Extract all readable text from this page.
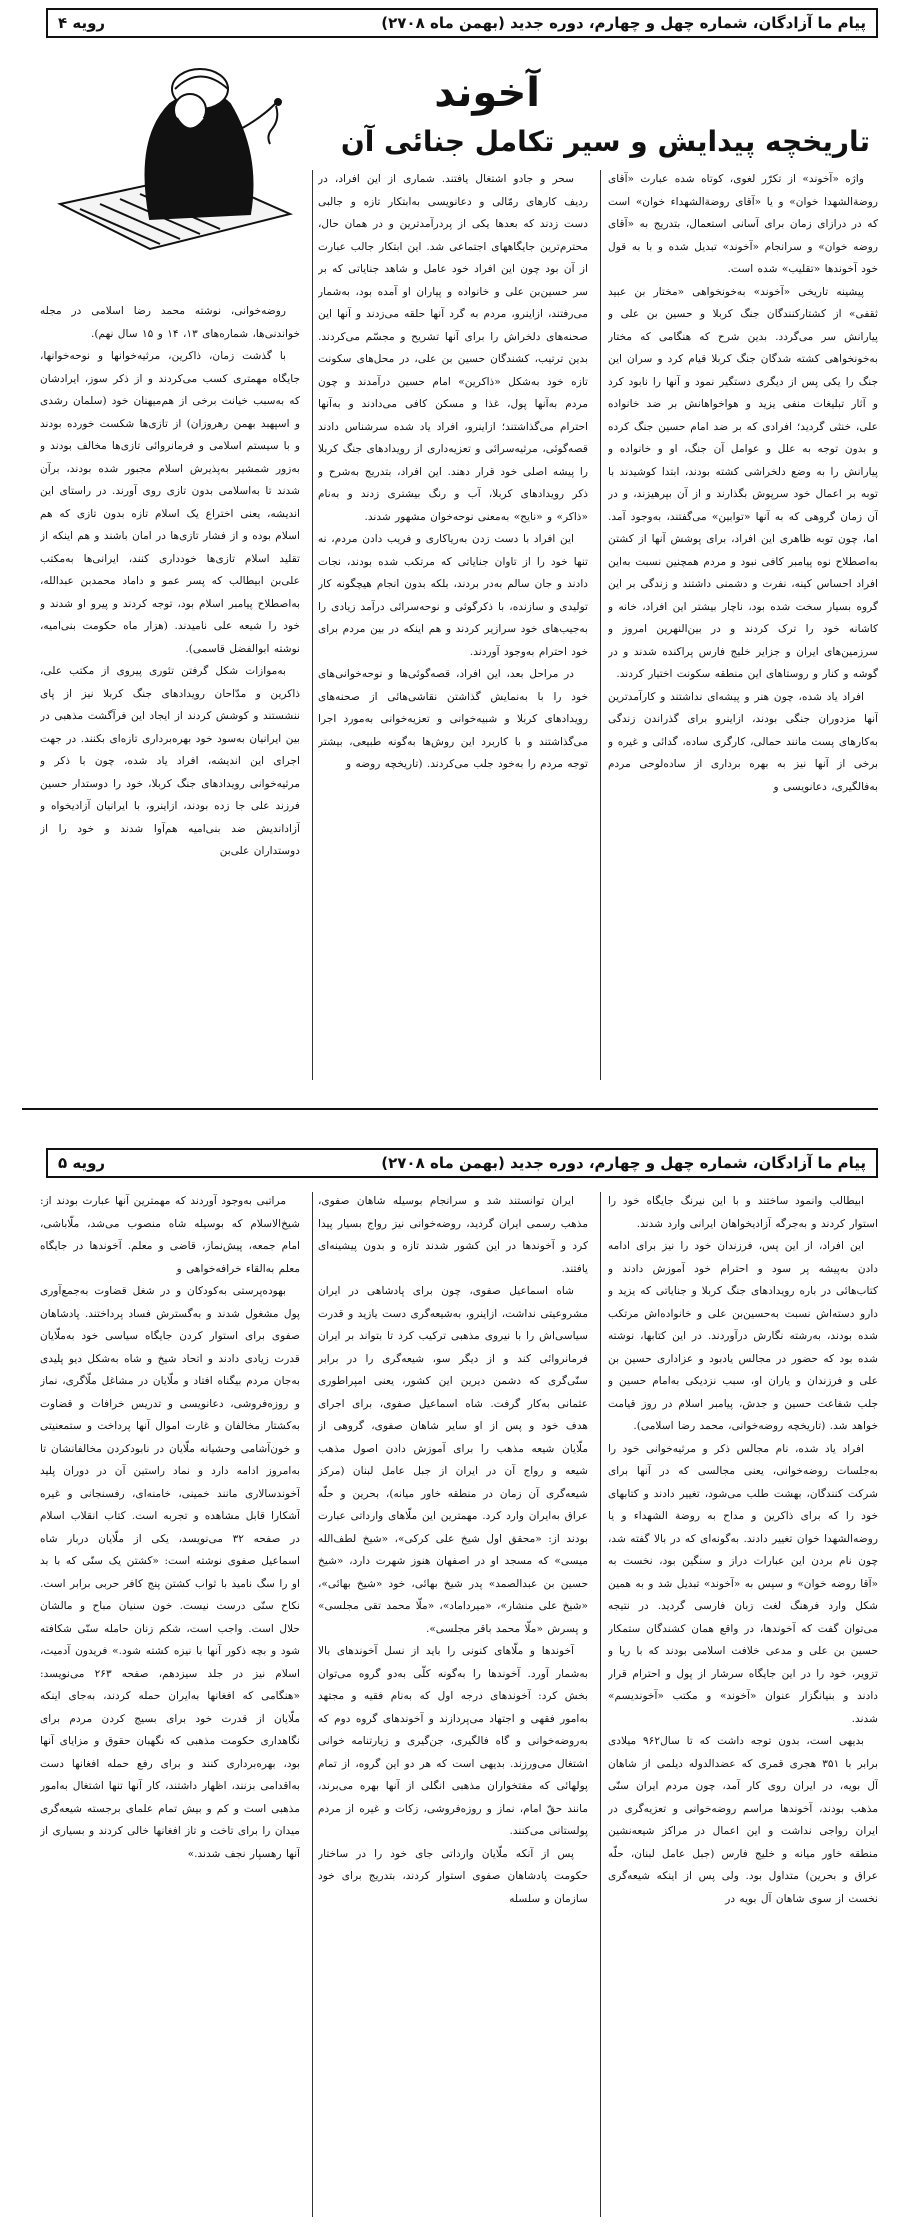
پیام ما آزادگان، شماره چهل و چهارم، دوره جدید (بهمن ماه ۲۷۰۸)
رویه ۴
آخوند
تاریخچه پیدایش و سیر تکامل جنائی آن

واژه «آخوند» از تکرّر لغوی، کوتاه شده عبارت «آقای روضةالشهدا خوان» و یا «آقای روضةالشهداء خوان» است که در درازای زمان برای آسانی استعمال، بتدریج به «آقای روضه خوان» و سرانجام «آخوند» تبدیل شده و با به قول خود آخوندها «تقلیب» شده است.

پیشینه تاریخی «آخوند» به‌خونخواهی «مختار بن عبید ثقفی» از کشتارکنندگان جنگ کربلا و حسین بن علی و پیارانش سر می‌گردد. بدین شرح که هنگامی که مختار به‌خونخواهی کشته شدگان جنگ کربلا قیام کرد و سران این جنگ را یکی پس از دیگری دستگیر نمود و آنها را نابود کرد و آثار تبلیغات منفی یزید و هواخواهانش بر ضد خانواده علی، خنثی گردید؛ افرادی که بر ضد امام حسین جنگ کرده و بدون توجه به علل و عوامل آن جنگ، او و خانواده و پیارانش را به وضع دلخراشی کشته بودند، ابتدا کوشیدند با توبه بر اعمال خود سرپوش بگذارند و از آن بپرهیزند، و در آن زمان گروهی که به آنها «توابین» می‌گفتند، به‌وجود آمد. اما، چون توبه ظاهری این افراد، برای پوشش آنها از کشتن به‌اصطلاح نوه پیامبر کافی نبود و مردم همچنین نسبت به‌این افراد احساس کینه، نفرت و دشمنی داشتند و زندگی بر این گروه بسیار سخت شده بود، ناچار بیشتر این افراد، خانه و کاشانه خود را ترک کردند و در بین‌النهرین امروز و سرزمین‌های ایران و جزایر خلیج فارس پراکنده شدند و در گوشه و کنار و روستاهای این منطقه سکونت اختیار کردند.

افراد یاد شده، چون هنر و پیشه‌ای نداشتند و کارآمدترین آنها مزدوران جنگی بودند، ازاینرو برای گذراندن زندگی به‌کارهای پست مانند حمالی، کارگری ساده، گدائی و غیره و برخی از آنها نیز به بهره برداری از ساده‌لوحی مردم به‌فالگیری، دعانویسی و

سحر و جادو اشتغال یافتند. شماری از این افراد، در ردیف کارهای رمّالی و دعانویسی به‌ابتکار تازه و جالبی دست زدند که بعدها یکی از پردرآمدترین و در همان حال، محترم‌ترین جایگاههای اجتماعی شد. این ابتکار جالب عبارت از آن بود چون این افراد خود عامل و شاهد جنایاتی که بر سر حسین‌بن علی و خانواده و پیاران او آمده بود، به‌شمار می‌رفتند، ازاینرو، مردم به گرد آنها حلقه می‌زدند و آنها این صحنه‌های دلخراش را برای آنها تشریح و مجسّم می‌کردند. بدین ترتیب، کشندگان حسین بن علی، در محل‌های سکونت تازه خود به‌شکل «ذاکرین» امام حسین درآمدند و چون مردم به‌آنها پول، غذا و مسکن کافی می‌دادند و به‌آنها احترام می‌گذاشتند؛ ازاینرو، افراد یاد شده سرشناس دادند قصه‌گوئی، مرثیه‌سرائی و تعزیه‌داری از رویدادهای جنگ کربلا را پیشه اصلی خود قرار دهند. این افراد، بتدریج به‌شرح و ذکر رویدادهای کربلا، آب و رنگ بیشتری زدند و به‌نام «ذاکر» و «نایح» به‌معنی نوحه‌خوان مشهور شدند.

این افراد با دست زدن به‌ریاکاری و فریب دادن مردم، نه تنها خود را از تاوان جنایاتی که مرتکب شده بودند، نجات دادند و جان سالم به‌در بردند، بلکه بدون انجام هیچگونه کار تولیدی و سازنده، با ذکرگوئی و نوحه‌سرائی درآمد زیادی را به‌جیب‌های خود سرازیر کردند و هم اینکه در بین مردم برای خود احترام به‌وجود آوردند.

در مراحل بعد، این افراد، قصه‌گوئی‌ها و نوحه‌خوانی‌های خود را با به‌نمایش گذاشتن نقاشی‌هائی از صحنه‌های رویدادهای کربلا و شبیه‌خوانی و تعزیه‌خوانی به‌مورد اجرا می‌گذاشتند و با کاربرد این روش‌ها به‌گونه طبیعی، بیشتر توجه مردم را به‌خود جلب می‌کردند. (تاریخچه روضه و

روضه‌خوانی، نوشته محمد رضا اسلامی در مجله خواندنی‌ها، شماره‌های ۱۳، ۱۴ و ۱۵ سال نهم).

با گذشت زمان، ذاکرین، مرثیه‌خوانها و نوحه‌خوانها، جایگاه مهمتری کسب می‌کردند و از ذکر سوز، ایرادشان که به‌سبب خیانت برخی از هم‌میهنان خود (سلمان رشدی و اسپهبد بهمن رهروزان) از تازی‌ها شکست خورده بودند و با سیستم اسلامی و فرمانروائی تازی‌ها مخالف بودند و به‌زور شمشیر به‌پذیرش اسلام مجبور شده بودند، برآن شدند تا به‌اسلامی بدون تازی روی آورند. در راستای این اندیشه، یعنی اختراع یک اسلام تازه بدون تازی که هم اسلام بوده و از فشار تازی‌ها در امان باشند و هم اینکه از تقلید اسلام تازی‌ها خودداری کنند، ایرانی‌ها به‌مکتب علی‌بن ابیطالب که پسر عمو و داماد محمدبن عبدالله، به‌اصطلاح پیامبر اسلام بود، توجه کردند و پیرو او شدند و خود را شیعه علی نامیدند. (هزار ماه حکومت بنی‌امیه، نوشته ابوالفضل قاسمی).

به‌موازات شکل گرفتن تئوری پیروی از مکتب علی، ذاکرین و مدّاحان رویدادهای جنگ کربلا نیز از پای ننشستند و کوشش کردند از ایجاد این فرآگشت مذهبی در بین ایرانیان به‌سود خود بهره‌برداری تازه‌ای بکنند. در جهت اجرای این اندیشه، افراد یاد شده، چون با ذکر و مرثیه‌خوانی رویدادهای جنگ کربلا، خود را دوستدار حسین فرزند علی جا زده بودند، ازاینرو، با ایرانیان آزادیخواه و آزاداندیش ضد بنی‌امیه هم‌آوا شدند و خود را از دوستداران علی‌بن

پیام ما آزادگان، شماره چهل و چهارم، دوره جدید (بهمن ماه ۲۷۰۸)
رویه ۵

ابیطالب وانمود ساختند و با این نیرنگ جایگاه خود را استوار کردند و به‌جرگه آزادیخواهان ایرانی وارد شدند.

این افراد، از این پس، فرزندان خود را نیز برای ادامه دادن به‌پیشه پر سود و احترام خود آموزش دادند و کتاب‌هائی در باره رویدادهای جنگ کربلا و جنایاتی که یزید و دارو دسته‌اش نسبت به‌حسین‌بن علی و خانواده‌اش مرتکب شده بودند، به‌رشته نگارش درآوردند. در این کتابها، نوشته شده بود که حضور در مجالس یادبود و عزاداری حسین بن علی و فرزندان و یاران او، سبب نزدیکی به‌امام حسین و جلب شفاعت حسین و جدش، پیامبر اسلام در روز قیامت خواهد شد. (تاریخچه روضه‌خوانی، محمد رضا اسلامی).

افراد یاد شده، نام مجالس ذکر و مرثیه‌خوانی خود را به‌جلسات روضه‌خوانی، یعنی مجالسی که در آنها برای شرکت کنندگان، بهشت طلب می‌شود، تغییر دادند و کتابهای خود را که برای ذاکرین و مداح به روضة الشهداء و یا روضه‌الشهدا خوان تغییر دادند. به‌گونه‌ای که در بالا گفته شد، چون نام بردن این عبارات دراز و سنگین بود، نخست به «آقا روضه خوان» و سپس به «آخوند» تبدیل شد و به همین شکل وارد فرهنگ لغت زبان فارسی گردید. در نتیجه می‌توان گفت که آخوندها، در واقع همان کشندگان ستمکار حسین بن علی و مدعی خلافت اسلامی بودند که با ریا و تزویر، خود را در این جایگاه سرشار از پول و احترام قرار دادند و بنیانگزار عنوان «آخوند» و مکتب «آخوندیسم» شدند.

بدیهی است، بدون توجه داشت که تا سال۹۶۲ میلادی برابر با ۳۵۱ هجری قمری که عضدالدوله دیلمی از شاهان آل بویه، در ایران روی کار آمد، چون مردم ایران سنّی مذهب بودند، آخوندها مراسم روضه‌خوانی و تعزیه‌گری در ایران رواجی نداشت و این اعمال در مراکز شیعه‌نشین منطقه خاور میانه و خلیج فارس (جبل عامل لبنان، حلّه عراق و بحرین) متداول بود. ولی پس از اینکه شیعه‌گری نخست از سوی شاهان آل بویه در

ایران توانستند شد و سرانجام بوسیله شاهان صفوی، مذهب رسمی ایران گردید، روضه‌خوانی نیز رواج بسیار پیدا کرد و آخوندها در این کشور شدند تازه و بدون پیشینه‌ای یافتند.

شاه اسماعیل صفوی، چون برای پادشاهی در ایران مشروعیتی نداشت، ازاینرو، به‌شیعه‌گری دست یازید و قدرت سیاسی‌اش را با نیروی مذهبی ترکیب کرد تا بتواند بر ایران فرمانروائی کند و از دیگر سو، شیعه‌گری را در برابر سنّی‌گری که دشمن دیرین این کشور، یعنی امپراطوری عثمانی به‌کار گرفت. شاه اسماعیل صفوی، برای اجرای هدف خود و پس از او سایر شاهان صفوی، گروهی از ملّایان شیعه مذهب را برای آموزش دادن اصول مذهب شیعه و رواج آن در ایران از جبل عامل لبنان (مرکز شیعه‌گری آن زمان در منطقه خاور میانه)، بحرین و حلّه عراق به‌ایران وارد کرد. مهمترین این ملّاهای وارداتی عبارت بودند از: «محقق اول شیخ علی کرکی»، «شیخ لطف‌الله میسی» که مسجد او در اصفهان هنوز شهرت دارد، «شیخ حسین بن عبدالصمد» پدر شیخ بهائی، خود «شیخ بهائی»، «شیخ علی منشار»، «میرداماد»، «ملّا محمد تقی مجلسی» و پسرش «ملّا محمد باقر مجلسی».

آخوندها و ملّاهای کنونی را باید از نسل آخوندهای بالا به‌شمار آورد. آخوندها را به‌گونه کلّی به‌دو گروه می‌توان بخش کرد: آخوندهای درجه اول که به‌نام فقیه و مجتهد به‌امور فقهی و اجتهاد می‌پردازند و آخوندهای گروه دوم که به‌روضه‌خوانی و گاه فالگیری، جن‌گیری و زیارتنامه خوانی اشتغال می‌ورزند. بدیهی است که هر دو این گروه، از تمام پولهائی که مفتخواران مذهبی انگلی از آنها بهره می‌برند، مانند حقّ امام، نماز و روزه‌فروشی، زکات و غیره از مردم پولستانی می‌کنند.

پس از آنکه ملّایان وارداتی جای خود را در ساختار حکومت پادشاهان صفوی استوار کردند، بتدریج برای خود سازمان و سلسله

مراتبی به‌وجود آوردند که مهمترین آنها عبارت بودند از: شیخ‌الاسلام که بوسیله شاه منصوب می‌شد، ملّاباشی، امام جمعه، پیش‌نماز، قاضی و معلم. آخوندها در جایگاه معلم به‌القاء خرافه‌خواهی و

بهوده‌پرستی به‌کودکان و در شغل قضاوت به‌جمع‌آوری پول مشغول شدند و به‌گسترش فساد پرداختند. پادشاهان صفوی برای استوار کردن جایگاه سیاسی خود به‌ملّایان قدرت زیادی دادند و اتحاد شیخ و شاه به‌شکل دیو پلیدی به‌جان مردم بیگناه افتاد و ملّایان در مشاغل ملّاگری، نماز و روزه‌فروشی، دعانویسی و تدریس خرافات و قضاوت به‌کشتار مخالفان و غارت اموال آنها پرداخت و ستمعنیتی و خون‌آشامی وحشیانه ملّایان در نابودکردن مخالفانشان تا به‌امروز ادامه دارد و نماد راستین آن در دوران پلید آخوندسالاری مانند خمینی، خامنه‌ای، رفسنجانی و غیره آشکارا قابل مشاهده و تجربه است. کتاب انقلاب اسلام در صفحه ۳۲ می‌نویسد، یکی از ملّایان دربار شاه اسماعیل صفوی نوشته است: «کشتن یک سنّی که با بد او را سگ نامید با ثواب کشتن پنج کافر حربی برابر است. نکاح سنّی درست نیست. خون سنیان مباح و مالشان حلال است. واجب است، شکم زنان حامله سنّی شکافته شود و بچه ذکور آنها با نیزه کشته شود.» فریدون آدمیت، اسلام نیز در جلد سیزدهم، صفحه ۲۶۳ می‌نویسد: «هنگامی که افغانها به‌ایران حمله کردند، به‌جای اینکه ملّایان از قدرت خود برای بسیج کردن مردم برای نگاهداری حکومت مذهبی که نگهبان حقوق و مزایای آنها بود، بهره‌برداری کنند و برای رفع حمله افغانها دست به‌اقدامی بزنند، اظهار داشتند، کار آنها تنها اشتغال به‌امور مذهبی است و کم و بیش تمام علمای برجسته شیعه‌گری میدان را برای تاخت و تاز افغانها خالی کردند و بسیاری از آنها رهسپار نجف شدند.»
